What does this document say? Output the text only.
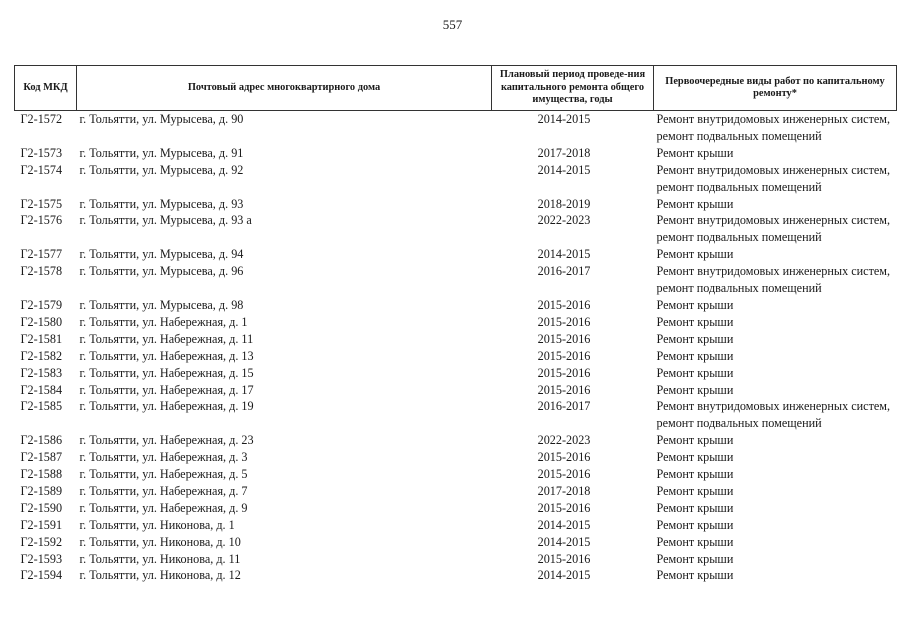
557
Код МКД	Почтовый адрес многоквартирного дома	Плановый период проведе-ния капитального ремонта общего имущества, годы	Первоочередные виды работ по капитальному ремонту*
Г2-1572	г. Тольятти, ул. Мурысева, д. 90	2014-2015	Ремонт внутридомовых инженерных систем,
ремонт подвальных помещений

Г2-1573	г. Тольятти, ул. Мурысева, д. 91	2017-2018	Ремонт крыши

Г2-1574	г. Тольятти, ул. Мурысева, д. 92	2014-2015	Ремонт внутридомовых инженерных систем,
ремонт подвальных помещений

Г2-1575	г. Тольятти, ул. Мурысева, д. 93	2018-2019	Ремонт крыши

Г2-1576	г. Тольятти, ул. Мурысева, д. 93 а	2022-2023	Ремонт внутридомовых инженерных систем,
ремонт подвальных помещений

Г2-1577	г. Тольятти, ул. Мурысева, д. 94	2014-2015	Ремонт крыши

Г2-1578	г. Тольятти, ул. Мурысева, д. 96	2016-2017	Ремонт внутридомовых инженерных систем,
ремонт подвальных помещений

Г2-1579	г. Тольятти, ул. Мурысева, д. 98	2015-2016	Ремонт крыши

Г2-1580	г. Тольятти, ул. Набережная, д. 1	2015-2016	Ремонт крыши

Г2-1581	г. Тольятти, ул. Набережная, д. 11	2015-2016	Ремонт крыши

Г2-1582	г. Тольятти, ул. Набережная, д. 13	2015-2016	Ремонт крыши

Г2-1583	г. Тольятти, ул. Набережная, д. 15	2015-2016	Ремонт крыши

Г2-1584	г. Тольятти, ул. Набережная, д. 17	2015-2016	Ремонт крыши

Г2-1585	г. Тольятти, ул. Набережная, д. 19	2016-2017	Ремонт внутридомовых инженерных систем,
ремонт подвальных помещений

Г2-1586	г. Тольятти, ул. Набережная, д. 23	2022-2023	Ремонт крыши

Г2-1587	г. Тольятти, ул. Набережная, д. 3	2015-2016	Ремонт крыши

Г2-1588	г. Тольятти, ул. Набережная, д. 5	2015-2016	Ремонт крыши

Г2-1589	г. Тольятти, ул. Набережная, д. 7	2017-2018	Ремонт крыши

Г2-1590	г. Тольятти, ул. Набережная, д. 9	2015-2016	Ремонт крыши

Г2-1591	г. Тольятти, ул. Никонова, д. 1	2014-2015	Ремонт крыши

Г2-1592	г. Тольятти, ул. Никонова, д. 10	2014-2015	Ремонт крыши

Г2-1593	г. Тольятти, ул. Никонова, д. 11	2015-2016	Ремонт крыши

Г2-1594	г. Тольятти, ул. Никонова, д. 12	2014-2015	Ремонт крыши
